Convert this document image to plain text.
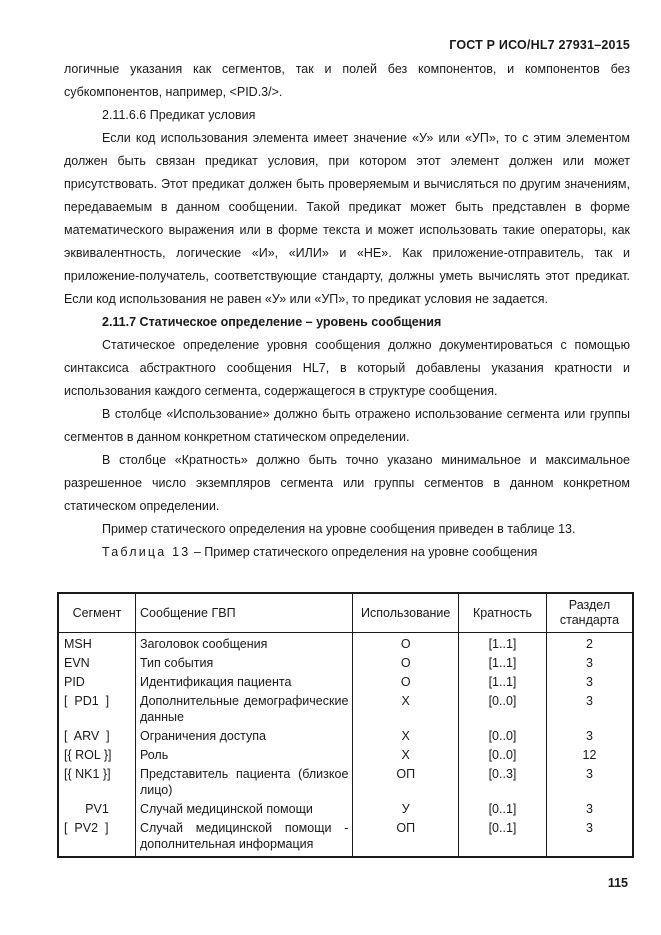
ГОСТ Р ИСО/HL7 27931–2015

логичные указания как сегментов, так и полей без компонентов, и компонентов без субкомпонентов, например, <PID.3/>.

2.11.6.6 Предикат условия

Если код использования элемента имеет значение «У» или «УП», то с этим элементом должен быть связан предикат условия, при котором этот элемент должен или может присутствовать. Этот предикат должен быть проверяемым и вычисляться по другим значениям, передаваемым в данном сообщении. Такой предикат может быть представлен в форме математического выражения или в форме текста и может использовать такие операторы, как эквивалентность, логические «И», «ИЛИ» и «НЕ». Как приложение-отправитель, так и приложение-получатель, соответствующие стандарту, должны уметь вычислять этот предикат. Если код использования не равен «У» или «УП», то предикат условия не задается.

2.11.7 Статическое определение – уровень сообщения

Статическое определение уровня сообщения должно документироваться с помощью синтаксиса абстрактного сообщения HL7, в который добавлены указания кратности и использования каждого сегмента, содержащегося в структуре сообщения.

В столбце «Использование» должно быть отражено использование сегмента или группы сегментов в данном конкретном статическом определении.

В столбце «Кратность» должно быть точно указано минимальное и максимальное разрешенное число экземпляров сегмента или группы сегментов в данном конкретном статическом определении.

Пример статического определения на уровне сообщения приведен в таблице 13.

Таблица 13 – Пример статического определения на уровне сообщения

Сегмент	Сообщение ГВП	Использование	Кратность	Раздел стандарта
MSH	Заголовок сообщения	О	[1..1]	2
EVN	Тип события	О	[1..1]	3
PID	Идентификация пациента	О	[1..1]	3
[  PD1  ]	Дополнительные демографические данные	Х	[0..0]	3
[  ARV  ]	Ограничения доступа	Х	[0..0]	3
[{ ROL }]	Роль	Х	[0..0]	12
[{ NK1 }]	Представитель пациента (близкое лицо)	ОП	[0..3]	3
PV1	Случай медицинской помощи	У	[0..1]	3
[  PV2  ]	Случай медицинской помощи - дополнительная информация	ОП	[0..1]	3
115
